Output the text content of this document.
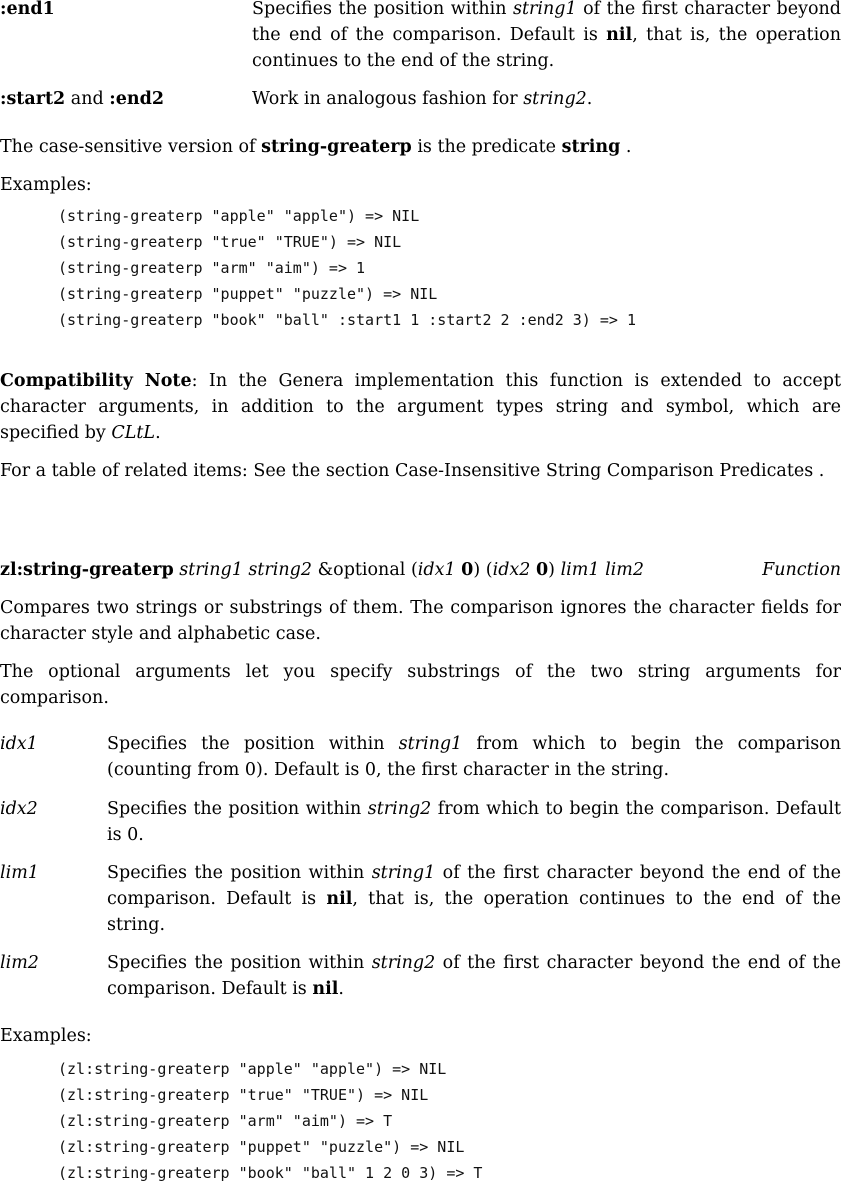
:end1	Specifies the position within string1 of the first character beyond the end of the comparison. Default is nil, that is, the operation continues to the end of the string.
:start2 and :end2	Work in analogous fashion for string2.
The case-sensitive version of string-greaterp is the predicate string .
Examples:
(string-greaterp "apple" "apple") => NIL
(string-greaterp "true" "TRUE") => NIL
(string-greaterp "arm" "aim") => 1
(string-greaterp "puppet" "puzzle") => NIL
(string-greaterp "book" "ball" :start1 1 :start2 2 :end2 3) => 1
Compatibility Note: In the Genera implementation this function is extended to accept character arguments, in addition to the argument types string and symbol, which are specified by CLtL.
For a table of related items: See the section Case-Insensitive String Comparison Predicates .
zl:string-greaterp string1 string2 &optional (idx1 0) (idx2 0) lim1 lim2	Function
Compares two strings or substrings of them. The comparison ignores the character fields for character style and alphabetic case.
The optional arguments let you specify substrings of the two string arguments for comparison.
idx1	Specifies the position within string1 from which to begin the comparison (counting from 0). Default is 0, the first character in the string.
idx2	Specifies the position within string2 from which to begin the comparison. Default is 0.
lim1	Specifies the position within string1 of the first character beyond the end of the comparison. Default is nil, that is, the operation continues to the end of the string.
lim2	Specifies the position within string2 of the first character beyond the end of the comparison. Default is nil.
Examples:
(zl:string-greaterp "apple" "apple") => NIL
(zl:string-greaterp "true" "TRUE") => NIL
(zl:string-greaterp "arm" "aim") => T
(zl:string-greaterp "puppet" "puzzle") => NIL
(zl:string-greaterp "book" "ball" 1 2 0 3) => T
